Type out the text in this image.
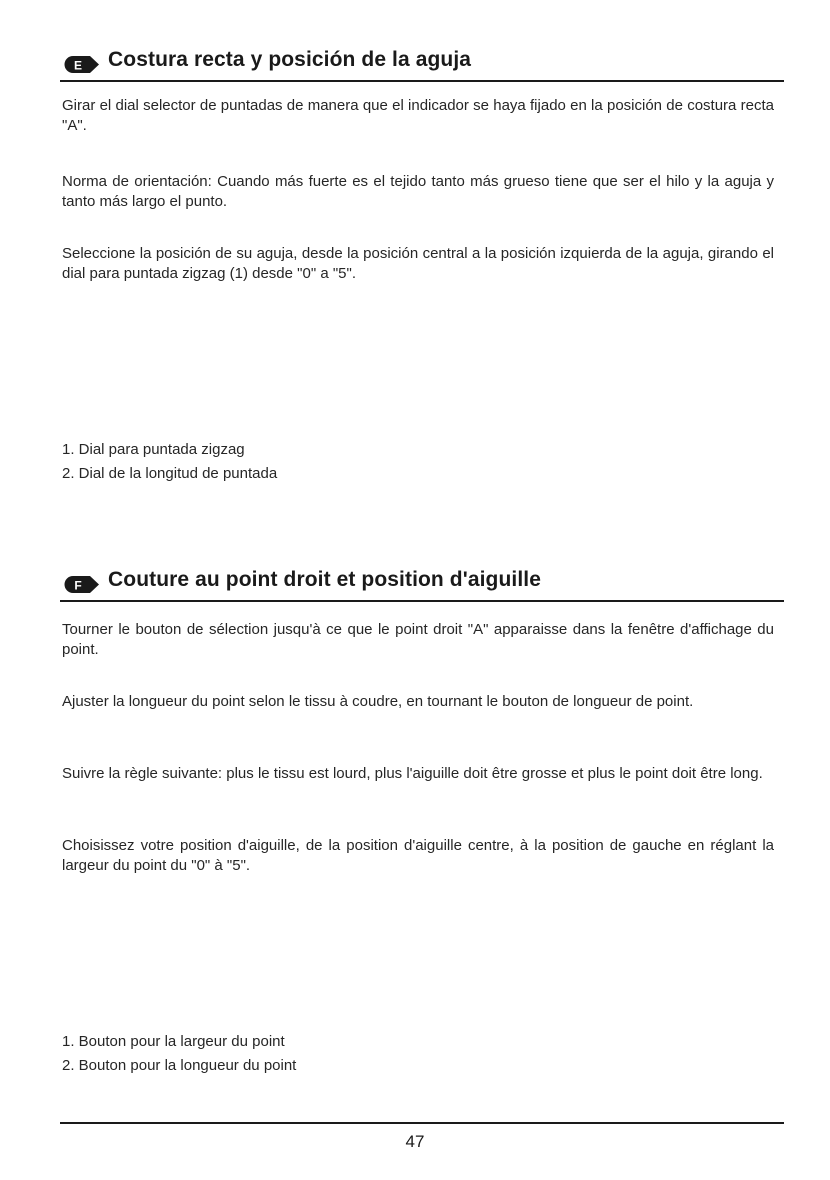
E Costura recta y posición de la aguja

Girar el dial selector de puntadas de manera que el indicador se haya fijado en la posición de costura recta "A".

Norma de orientación: Cuando más fuerte es el tejido tanto más grueso tiene que ser el hilo y la aguja y tanto más largo el punto.

Seleccione la posición de su aguja, desde la posición central a la posición izquierda de la aguja, girando el dial para puntada zigzag (1) desde "0" a "5".

1. Dial para puntada zigzag
2. Dial de la longitud de puntada
F Couture au point droit et position d'aiguille

Tourner le bouton de sélection jusqu'à ce que le point droit "A" apparaisse dans la fenêtre d'affichage du point.

Ajuster la longueur du point selon le tissu à coudre, en tournant le bouton de longueur de point.

Suivre la règle suivante: plus le tissu est lourd, plus l'aiguille doit être grosse et plus le point doit être long.

Choisissez votre position d'aiguille, de la position d'aiguille centre, à la position de gauche en réglant la largeur du point du "0" à "5".

1. Bouton pour la largeur du point
2. Bouton pour la longueur du point
47
